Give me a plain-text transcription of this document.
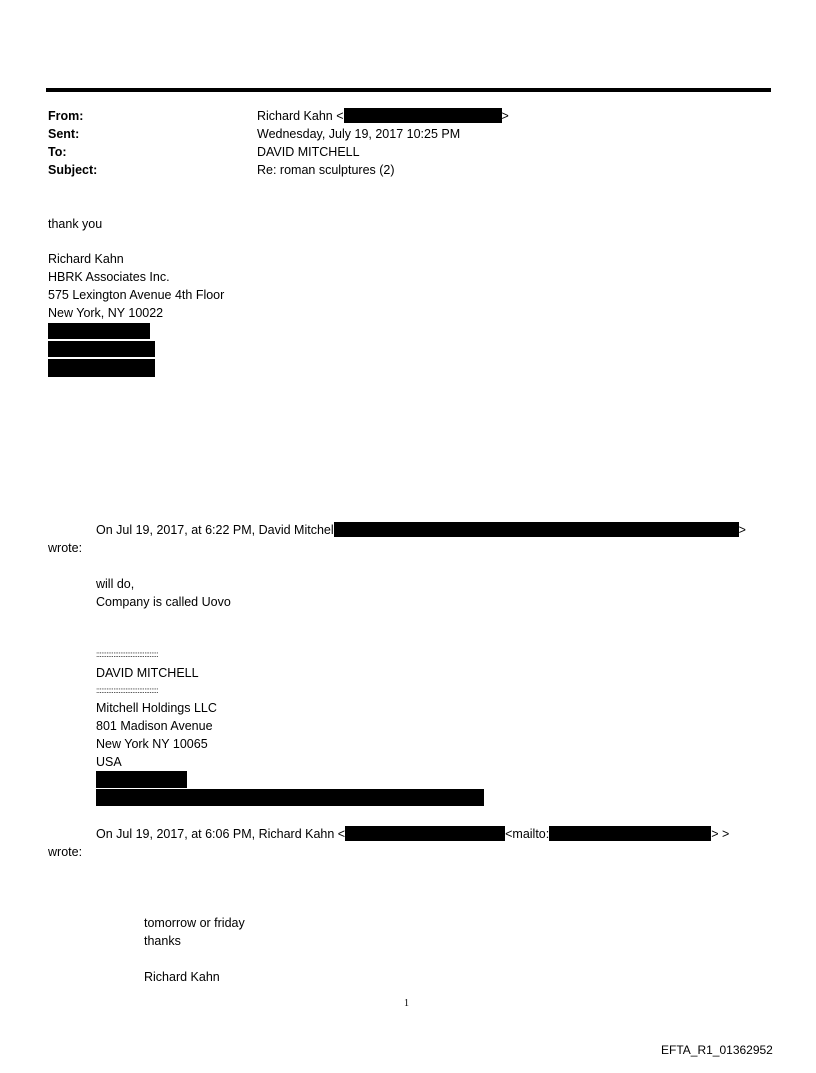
From:	Richard Kahn <	>
Sent:	Wednesday, July 19, 2017 10:25 PM
To:	DAVID MITCHELL
Subject:	Re: roman sculptures (2)
thank you
Richard Kahn
HBRK Associates Inc.
575 Lexington Avenue 4th Floor
New York, NY 10022
On Jul 19, 2017, at 6:22 PM, David Mitchel	>
wrote:
will do,
Company is called Uovo
::::::::::::::::::::::::::::::::::::
DAVID MITCHELL
::::::::::::::::::::::::::::::::::::
Mitchell Holdings LLC
801 Madison Avenue
New York NY 10065
USA
On Jul 19, 2017, at 6:06 PM, Richard Kahn <	<mailto:	> >
wrote:
tomorrow or friday
thanks
Richard Kahn
1
EFTA_R1_01362952
